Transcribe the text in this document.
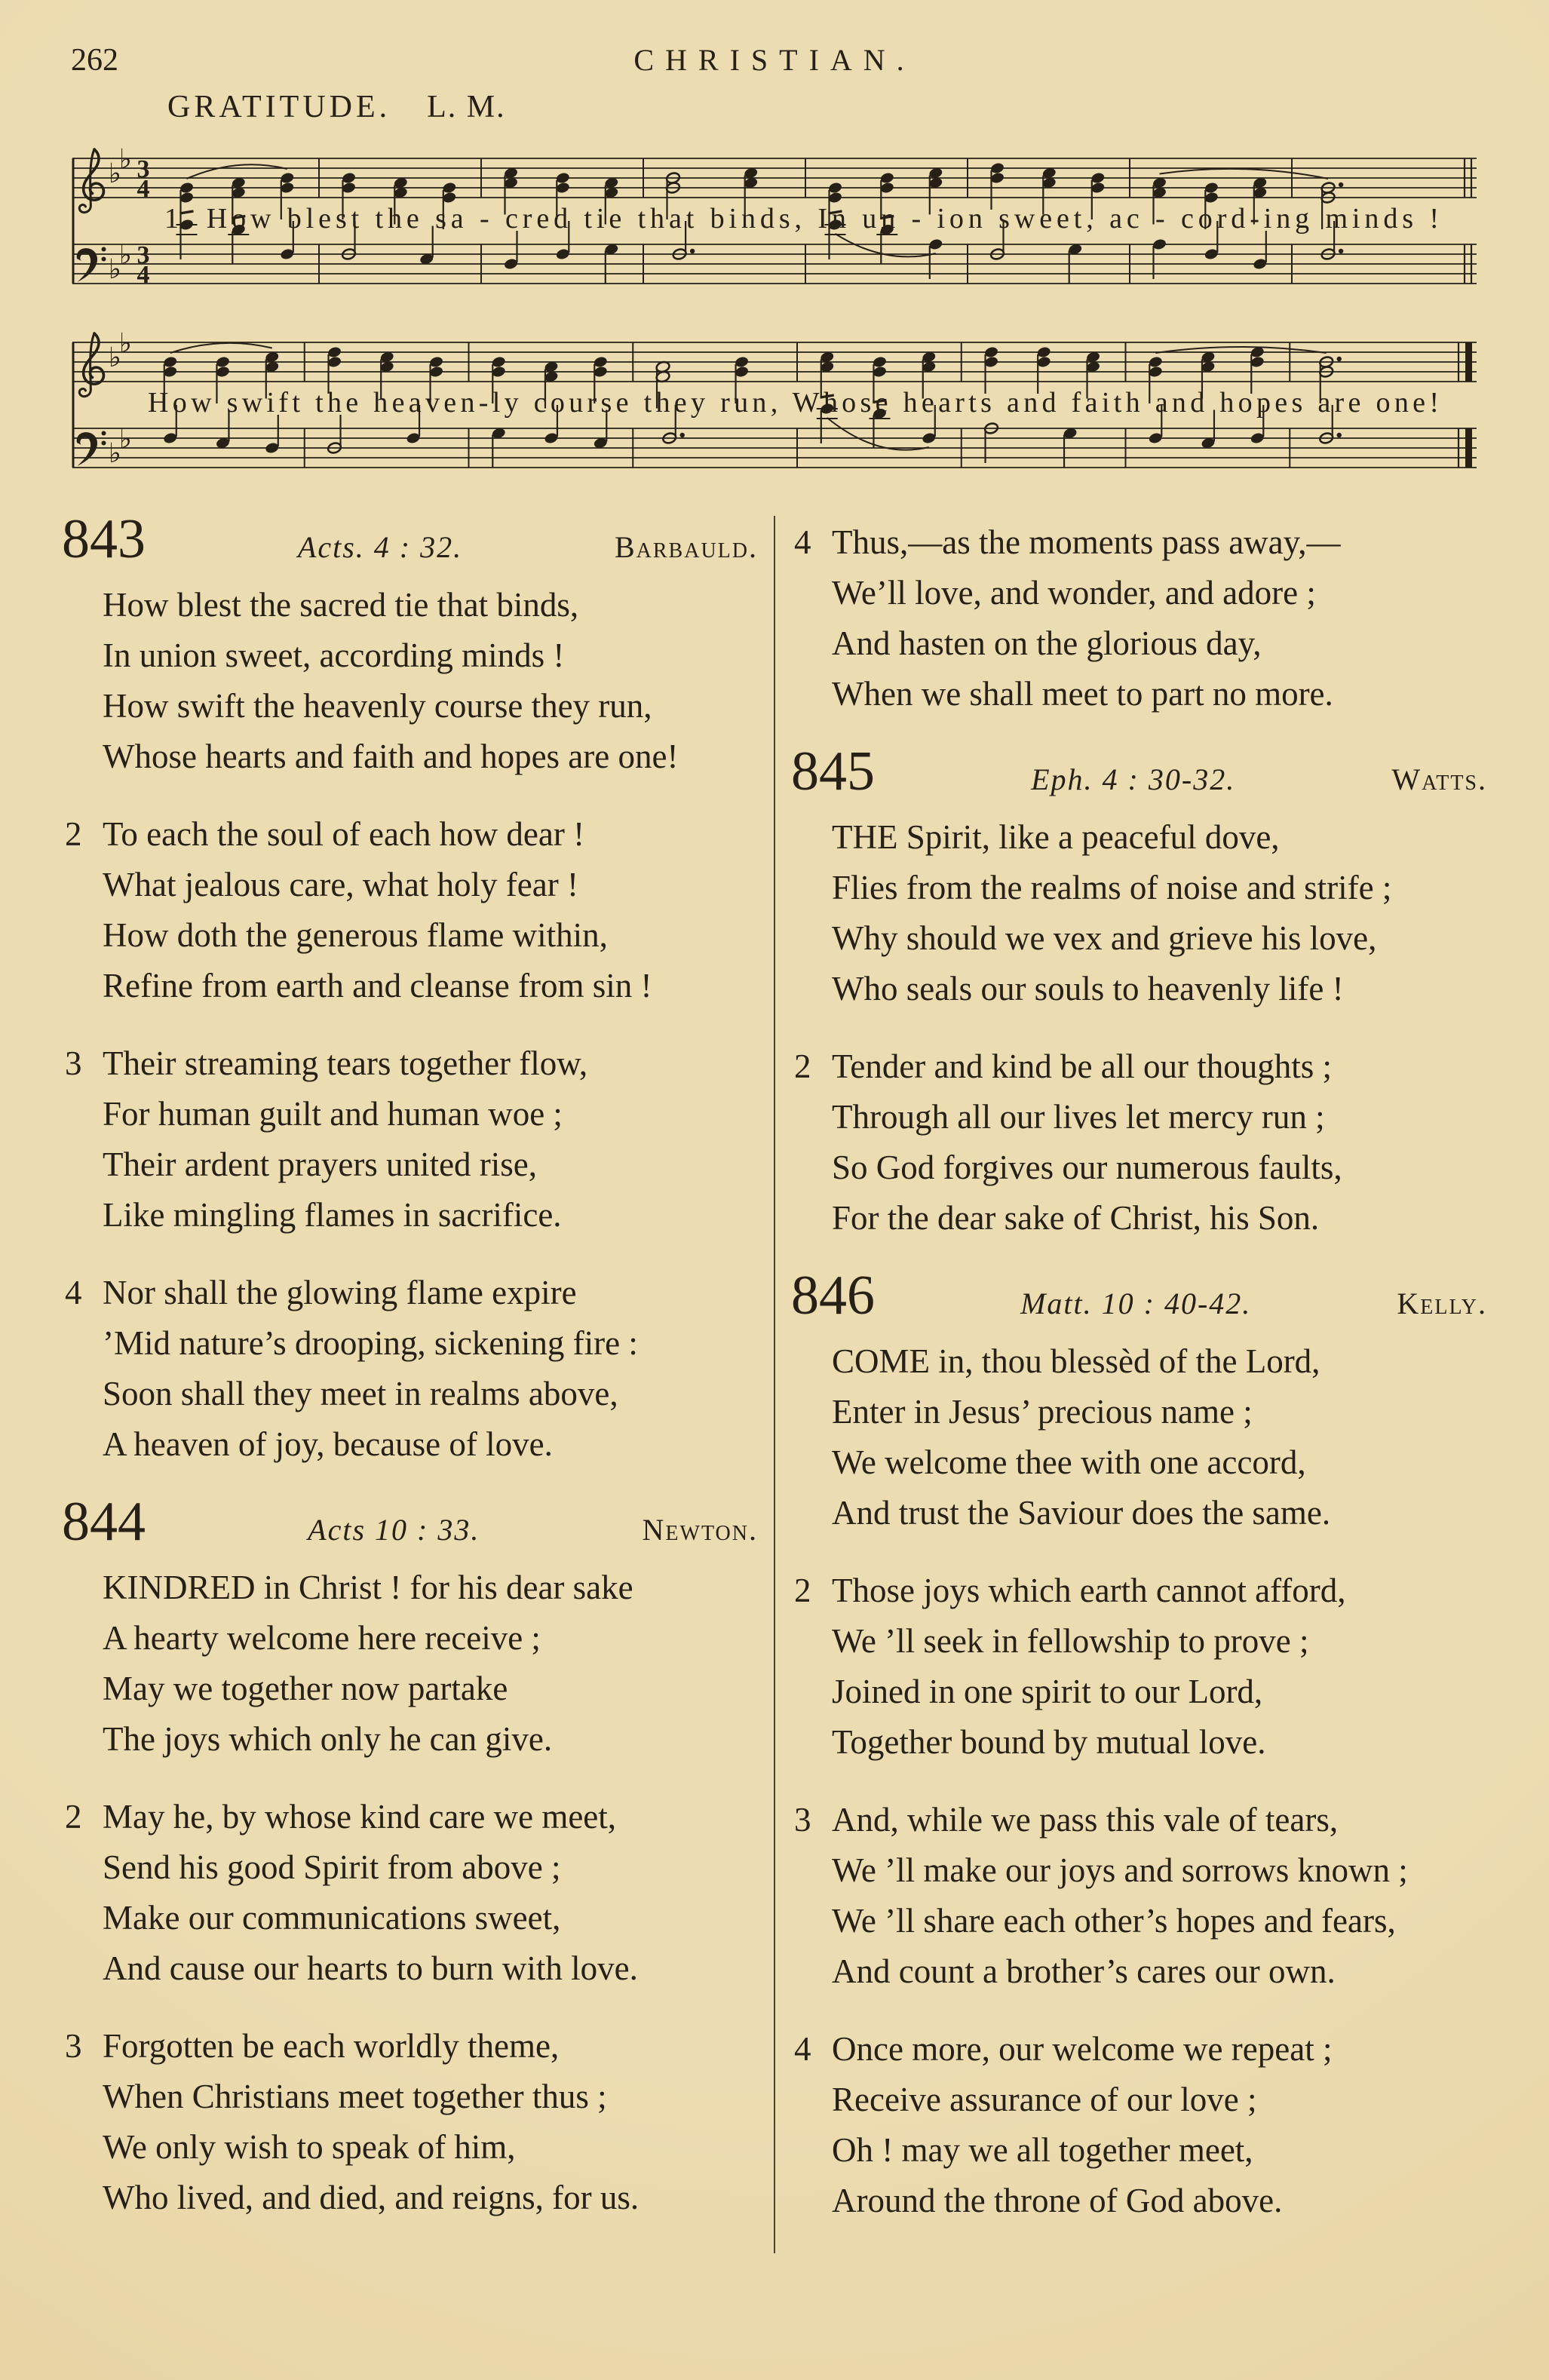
262	CHRISTIAN.
GRATITUDE. L. M.
♭
♭
♭
♭
3
4
3
4
1. How blest the sa - cred tie that binds, In un - ion sweet, ac - cord-ing minds !
♭
♭
♭
♭
How swift the heaven-ly course they run, Whose hearts and faith and hopes are one!
843	Acts. 4 : 32.	Barbauld.
How blest the sacred tie that binds,
In union sweet, according minds !
How swift the heavenly course they run,
Whose hearts and faith and hopes are one!
2 To each the soul of each how dear !
What jealous care, what holy fear !
How doth the generous flame within,
Refine from earth and cleanse from sin !
3 Their streaming tears together flow,
For human guilt and human woe ;
Their ardent prayers united rise,
Like mingling flames in sacrifice.
4 Nor shall the glowing flame expire
’Mid nature’s drooping, sickening fire :
Soon shall they meet in realms above,
A heaven of joy, because of love.
844	Acts 10 : 33.	Newton.
KINDRED in Christ ! for his dear sake
A hearty welcome here receive ;
May we together now partake
The joys which only he can give.
2 May he, by whose kind care we meet,
Send his good Spirit from above ;
Make our communications sweet,
And cause our hearts to burn with love.
3 Forgotten be each worldly theme,
When Christians meet together thus ;
We only wish to speak of him,
Who lived, and died, and reigns, for us.
4 Thus,—as the moments pass away,—
We’ll love, and wonder, and adore ;
And hasten on the glorious day,
When we shall meet to part no more.
845	Eph. 4 : 30-32.	Watts.
THE Spirit, like a peaceful dove,
Flies from the realms of noise and strife ;
Why should we vex and grieve his love,
Who seals our souls to heavenly life !
2 Tender and kind be all our thoughts ;
Through all our lives let mercy run ;
So God forgives our numerous faults,
For the dear sake of Christ, his Son.
846	Matt. 10 : 40-42.	Kelly.
COME in, thou blessèd of the Lord,
Enter in Jesus’ precious name ;
We welcome thee with one accord,
And trust the Saviour does the same.
2 Those joys which earth cannot afford,
We ’ll seek in fellowship to prove ;
Joined in one spirit to our Lord,
Together bound by mutual love.
3 And, while we pass this vale of tears,
We ’ll make our joys and sorrows known ;
We ’ll share each other’s hopes and fears,
And count a brother’s cares our own.
4 Once more, our welcome we repeat ;
Receive assurance of our love ;
Oh ! may we all together meet,
Around the throne of God above.
